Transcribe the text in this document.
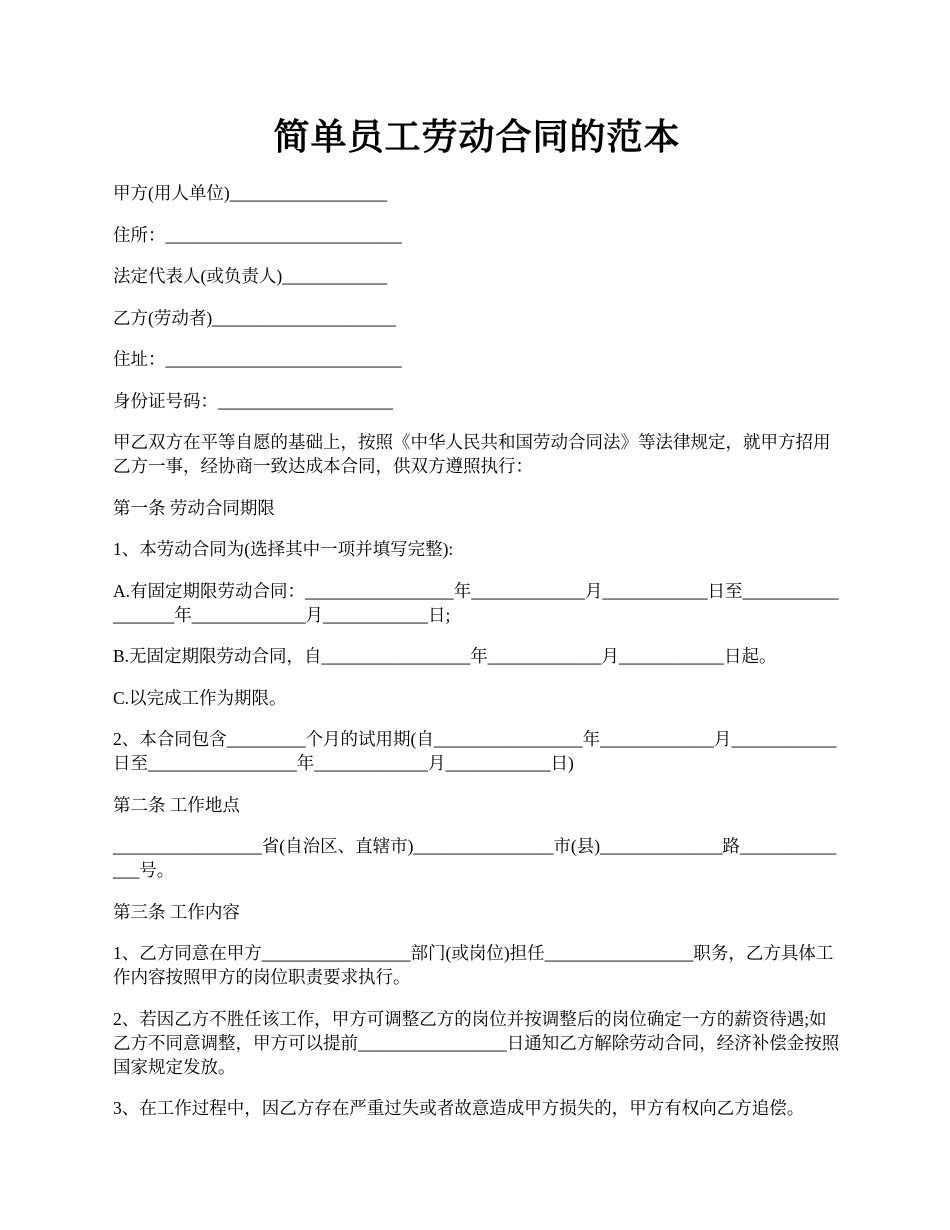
简单员工劳动合同的范本

甲方(用人单位)__________________

住所：___________________________

法定代表人(或负责人)____________

乙方(劳动者)_____________________

住址：___________________________

身份证号码：____________________

甲乙双方在平等自愿的基础上，按照《中华人民共和国劳动合同法》等法律规定，就甲方招用乙方一事，经协商一致达成本合同，供双方遵照执行：

第一条 劳动合同期限

1、本劳动合同为(选择其中一项并填写完整):

A.有固定期限劳动合同：_________________年_____________月____________日至__________________年_____________月____________日;

B.无固定期限劳动合同，自_________________年_____________月____________日起。

C.以完成工作为期限。

2、本合同包含_________个月的试用期(自_________________年_____________月____________日至_________________年_____________月____________日)

第二条 工作地点

_________________省(自治区、直辖市)________________市(县)______________路______________号。

第三条 工作内容

1、乙方同意在甲方_________________部门(或岗位)担任_________________职务，乙方具体工作内容按照甲方的岗位职责要求执行。

2、若因乙方不胜任该工作，甲方可调整乙方的岗位并按调整后的岗位确定一方的薪资待遇;如乙方不同意调整，甲方可以提前_________________日通知乙方解除劳动合同，经济补偿金按照国家规定发放。

3、在工作过程中，因乙方存在严重过失或者故意造成甲方损失的，甲方有权向乙方追偿。
